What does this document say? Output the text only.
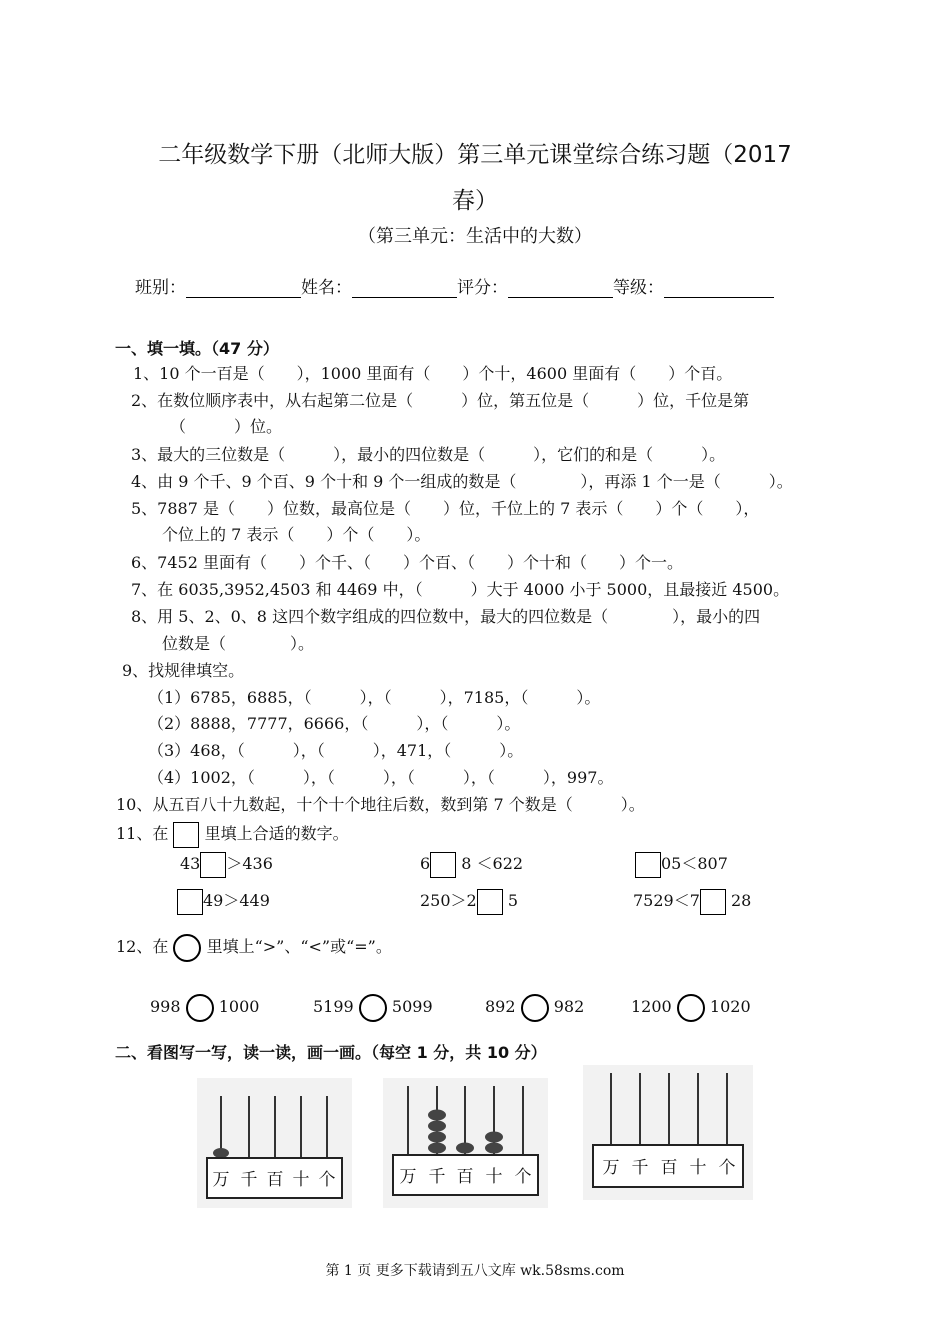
二年级数学下册（北师大版）第三单元课堂综合练习题（2017
春）
（第三单元：生活中的大数）
班别：	姓名：	评分：	等级：
一、填一填。（47 分）
1、10 个一百是（　　），1000 里面有（　　）个十，4600 里面有（　　）个百。
2、在数位顺序表中，从右起第二位是（　　　）位，第五位是（　　　）位，千位是第
（　　　）位。
3、最大的三位数是（　　　），最小的四位数是（　　　），它们的和是（　　　）。
4、由 9 个千、9 个百、9 个十和 9 个一组成的数是（　　　　），再添 1 个一是（　　　）。
5、7887 是（　　）位数，最高位是（　　）位，千位上的 7 表示（　　）个（　　），
个位上的 7 表示（　　）个（　　）。
6、7452 里面有（　　）个千、（　　）个百、（　　）个十和（　　）个一。
7、在 6035,3952,4503 和 4469 中，（　　　）大于 4000 小于 5000，且最接近 4500。
8、用 5、2、0、8 这四个数字组成的四位数中，最大的四位数是（　　　　），最小的四
位数是（　　　　）。
9、找规律填空。
（1）6785，6885，（　　　），（　　　），7185，（　　　）。
（2）8888，7777，6666，（　　　），（　　　）。
（3）468，（　　　），（　　　），471，（　　　）。
（4）1002，（　　　），（　　　），（　　　），（　　　），997。
10、从五百八十九数起，十个十个地往后数，数到第 7 个数是（　　　）。
11、在 里填上合适的数字。
43 ＞436	6 8 ＜622	05＜807
49＞449	250＞2 5	7529＜7 28
12、在 里填上“>”、“<”或“=”。
998 1000	5199 5099	892 982	1200 1020
二、看图写一写，读一读，画一画。（每空 1 分，共 10 分）
万 千 百 十 个	万 千 百 十 个	万 千 百 十 个
第 1 页 更多下载请到五八文库 wk.58sms.com
